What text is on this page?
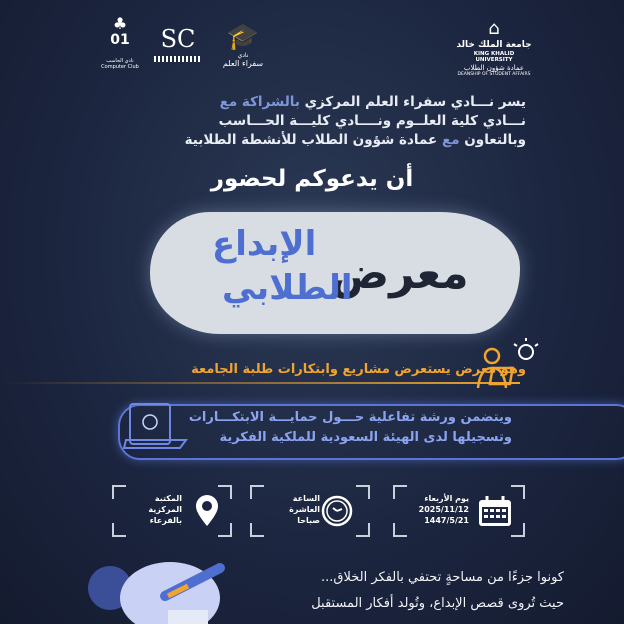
♣
01
نادي الحاسب
Computer Club
SC	🎓
نادي
سفراء العلم
⌂
جامعة الملك خالد
KING KHALID UNIVERSITY
عمادة شؤون الطلاب
DEANSHIP OF STUDENT AFFAIRS
يسر نـــادي سفراء العلم المركزي بالشراكة مع
نـــادي كلية العلــوم ونــــادي كليـــة الحـــاسب
وبالتعاون مع عمادة شؤون الطلاب للأنشطة الطلابية
أن يدعوكم لحضور
معرض
الإبداع
الطلابي
وهو معرض يستعرض مشاريع وابتكارات طلبة الجامعة
ويتضمن ورشة تفاعلية حـــول حمايـــة الابتكـــارات
وتسجيلها لدى الهيئة السعودية للملكية الفكرية
المكتبة
المركزية
بالفرعاء
الساعة
العاشرة
صباحا
يوم الأربعاء
2025/11/12
1447/5/21
كونوا جزءًا من مساحةٍ تحتفي بالفكر الخلاق...
حيث تُروى قصص الإبداع، وتُولد أفكار المستقبل
